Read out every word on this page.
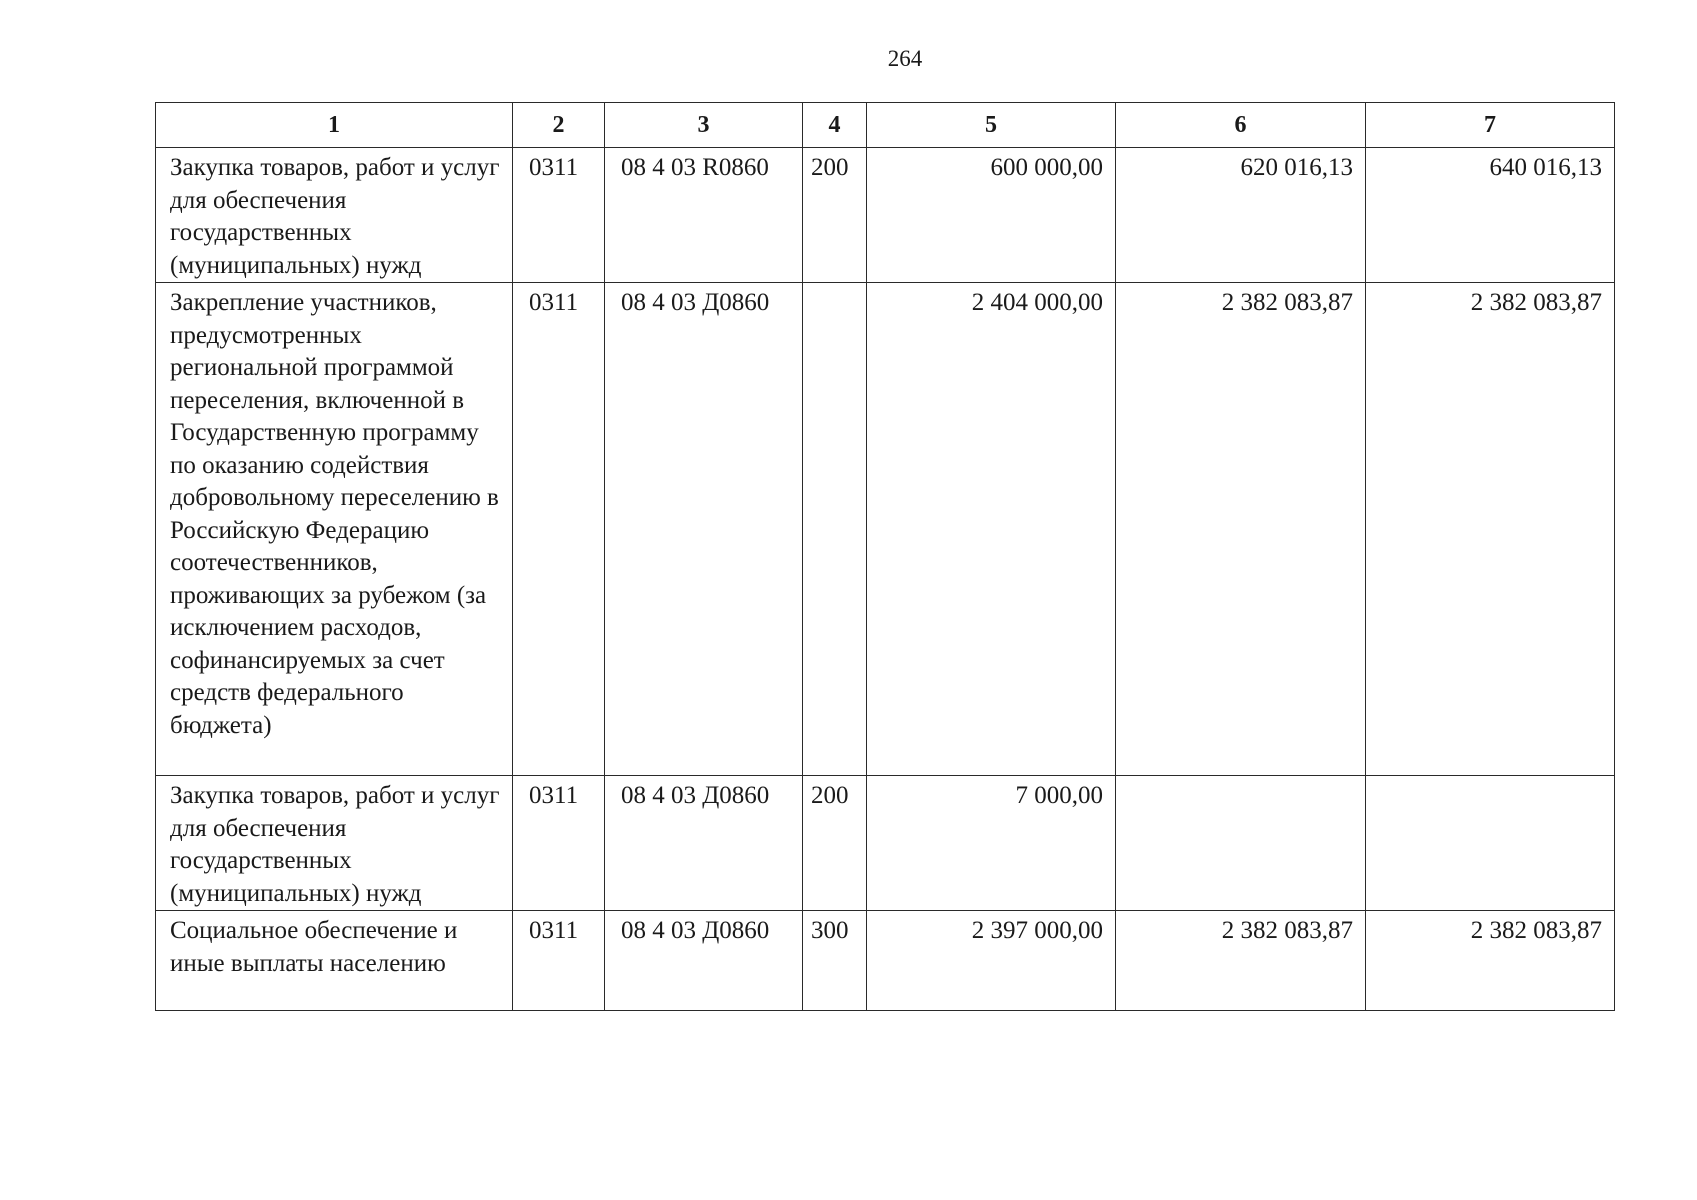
264
1	2	3	4	5	6	7
Закупка товаров, работ и услуг для обеспечения государственных (муниципальных) нужд	0311	08 4 03 R0860	200	600 000,00	620 016,13	640 016,13
Закрепление участников, предусмотренных региональной программой переселения, включенной в Государственную программу по оказанию содействия добровольному переселению в Российскую Федерацию соотечественников, проживающих за рубежом (за исключением расходов, софинансируемых за счет средств федерального бюджета)	0311	08 4 03 Д0860		2 404 000,00	2 382 083,87	2 382 083,87
Закупка товаров, работ и услуг для обеспечения государственных (муниципальных) нужд	0311	08 4 03 Д0860	200	7 000,00		
Социальное обеспечение и иные выплаты населению	0311	08 4 03 Д0860	300	2 397 000,00	2 382 083,87	2 382 083,87
